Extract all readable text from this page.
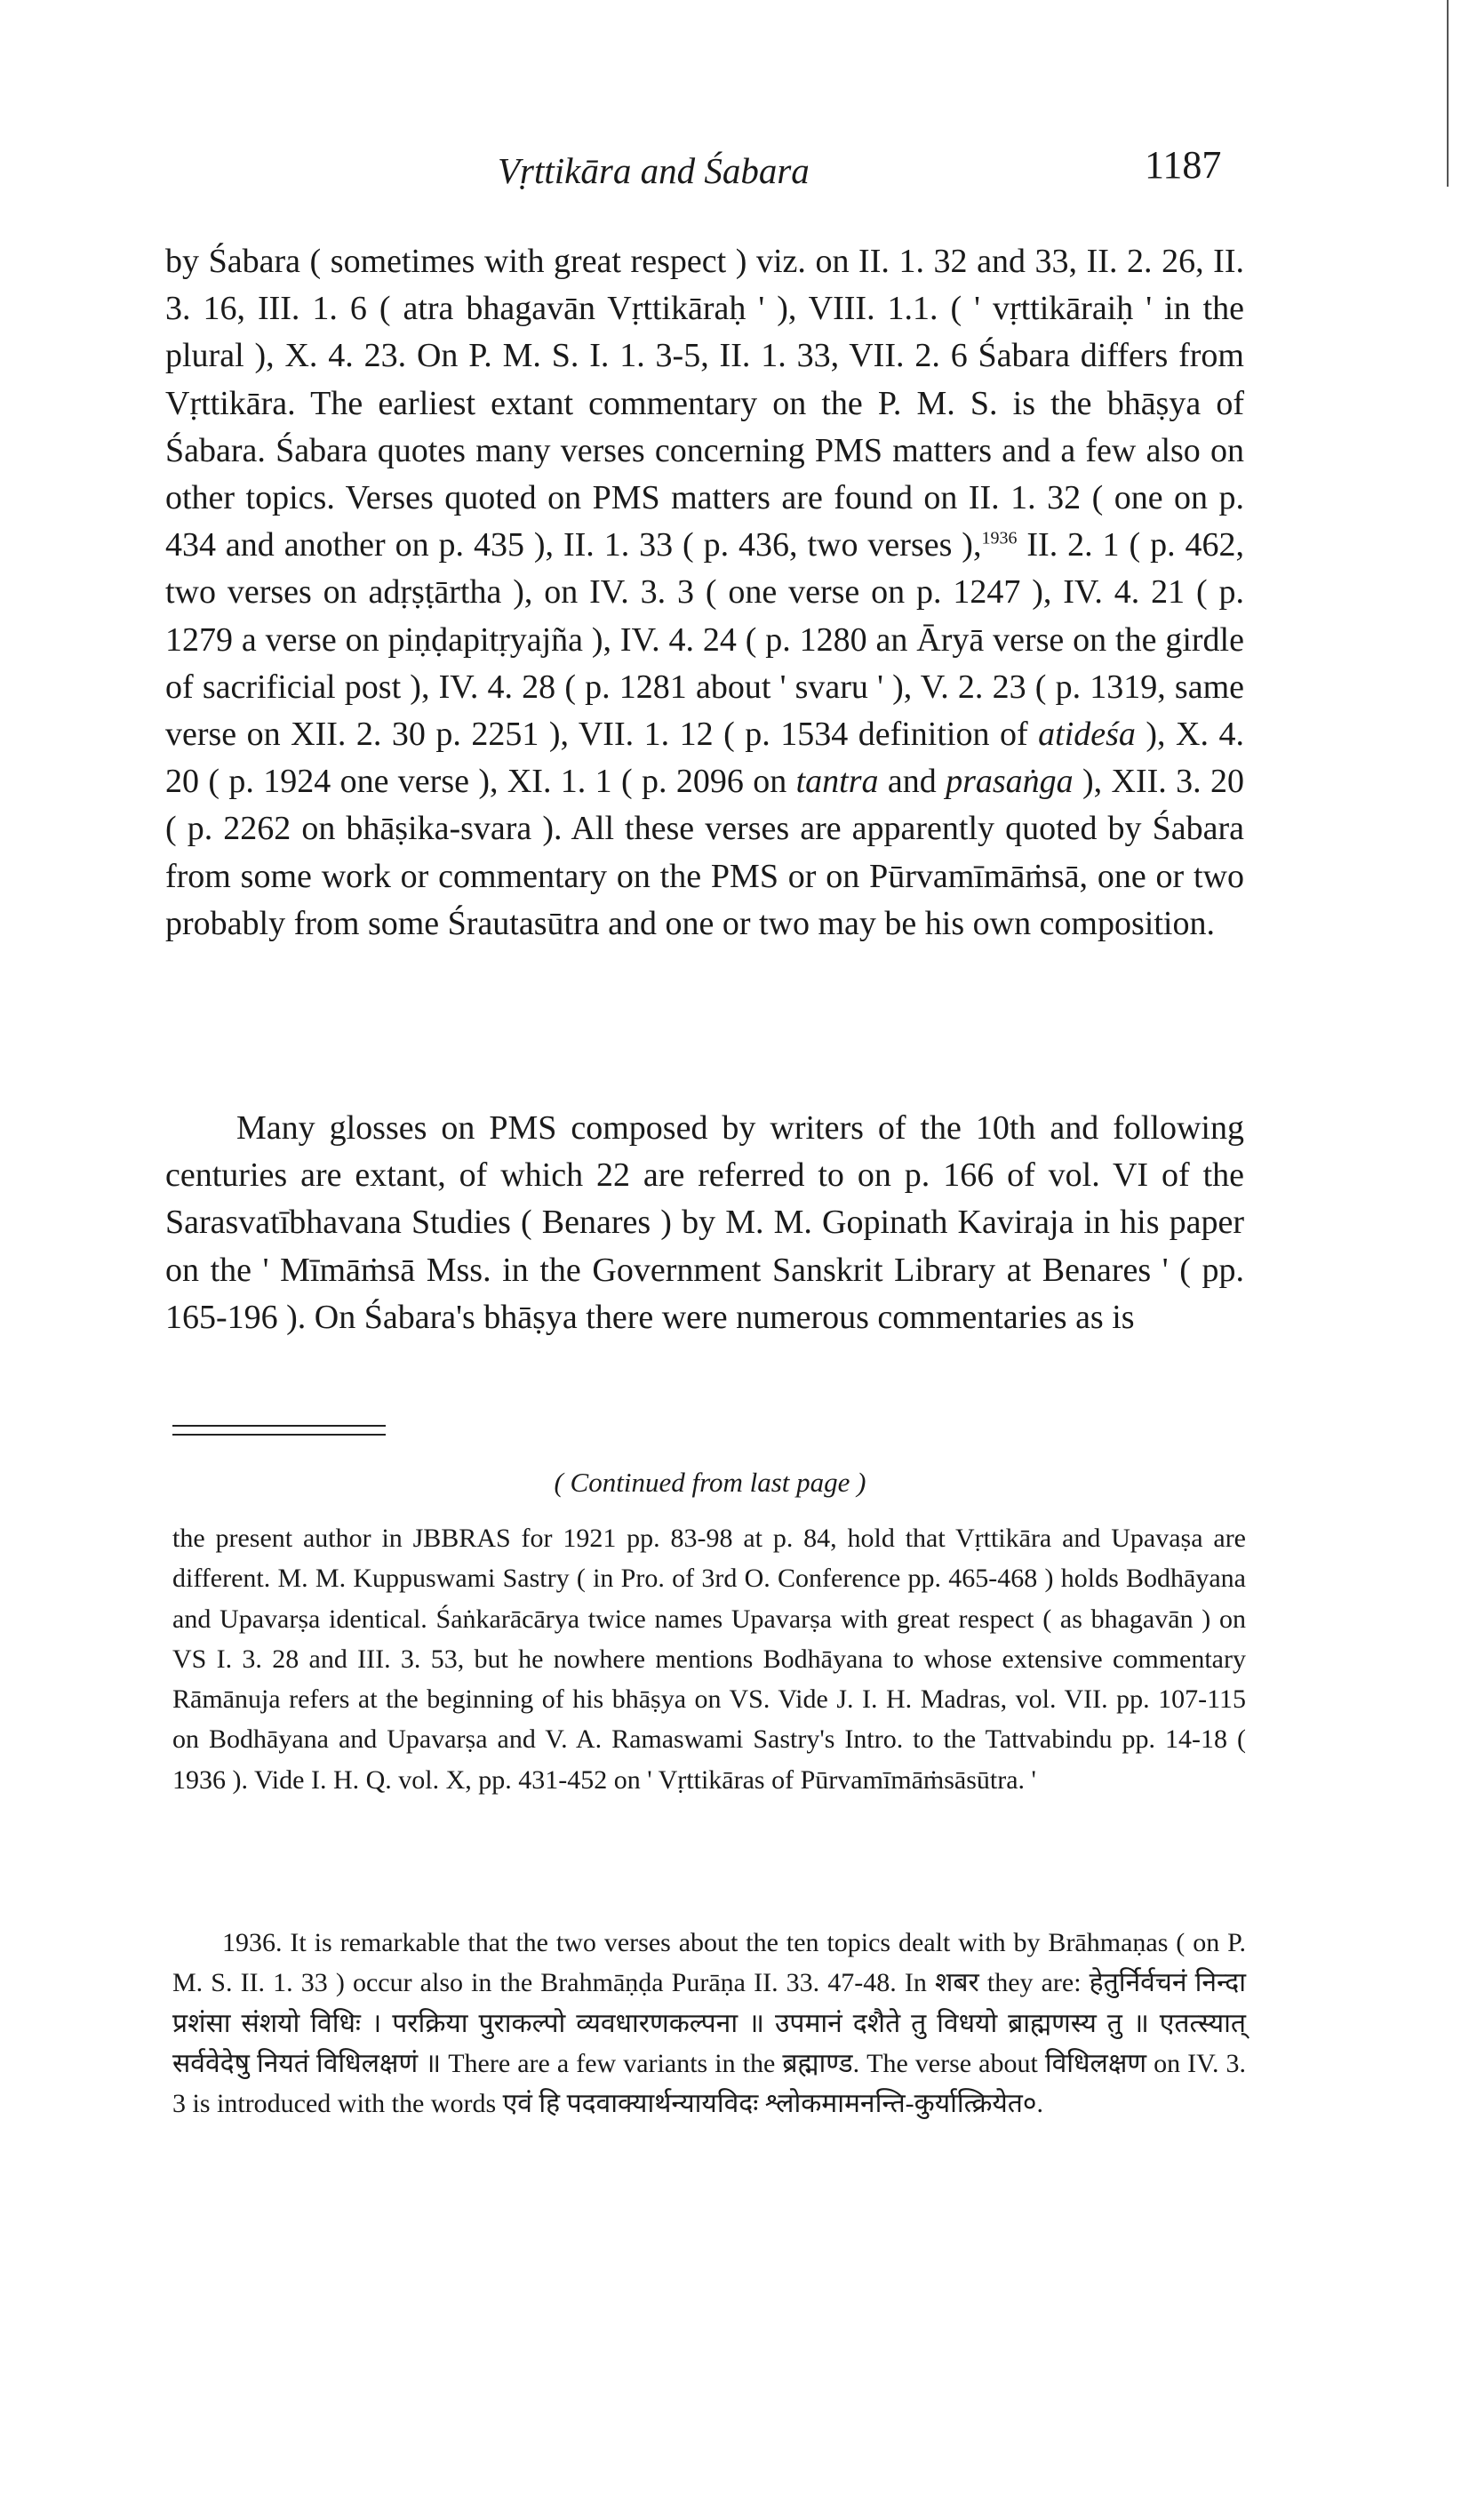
Vṛttikāra and Śabara	1187

by Śabara ( sometimes with great respect ) viz. on II. 1. 32 and 33, II. 2. 26, II. 3. 16, III. 1. 6 ( atra bhagavān Vṛttikāraḥ ' ), VIII. 1.1. ( ' vṛttikāraiḥ ' in the plural ), X. 4. 23. On P. M. S. I. 1. 3-5, II. 1. 33, VII. 2. 6 Śabara differs from Vṛttikāra. The earliest extant commentary on the P. M. S. is the bhāṣya of Śabara. Śabara quotes many verses concerning PMS matters and a few also on other topics. Verses quoted on PMS matters are found on II. 1. 32 ( one on p. 434 and another on p. 435 ), II. 1. 33 ( p. 436, two verses ),$^{1936}$ II. 2. 1 ( p. 462, two verses on adṛṣṭārtha ), on IV. 3. 3 ( one verse on p. 1247 ), IV. 4. 21 ( p. 1279 a verse on piṇḍapitṛyajña ), IV. 4. 24 ( p. 1280 an Āryā verse on the girdle of sacrificial post ), IV. 4. 28 ( p. 1281 about ' svaru ' ), V. 2. 23 ( p. 1319, same verse on XII. 2. 30 p. 2251 ), VII. 1. 12 ( p. 1534 definition of atideśa ), X. 4. 20 ( p. 1924 one verse ), XI. 1. 1 ( p. 2096 on tantra and prasaṅga ), XII. 3. 20 ( p. 2262 on bhāṣika-svara ). All these verses are apparently quoted by Śabara from some work or commentary on the PMS or on Pūrvamīmāṁsā, one or two probably from some Śrautasūtra and one or two may be his own composition.

Many glosses on PMS composed by writers of the 10th and following centuries are extant, of which 22 are referred to on p. 166 of vol. VI of the Sarasvatībhavana Studies ( Benares ) by M. M. Gopinath Kaviraja in his paper on the ' Mīmāṁsā Mss. in the Government Sanskrit Library at Benares ' ( pp. 165-196 ). On Śabara's bhāṣya there were numerous commentaries as is

( Continued from last page )

the present author in JBBRAS for 1921 pp. 83-98 at p. 84, hold that Vṛttikāra and Upavaṣa are different. M. M. Kuppuswami Sastry ( in Pro. of 3rd O. Conference pp. 465-468 ) holds Bodhāyana and Upavarṣa identical. Śaṅkarācārya twice names Upavarṣa with great respect ( as bhagavān ) on VS I. 3. 28 and III. 3. 53, but he nowhere mentions Bodhāyana to whose extensive commentary Rāmānuja refers at the beginning of his bhāṣya on VS. Vide J. I. H. Madras, vol. VII. pp. 107-115 on Bodhāyana and Upavarṣa and V. A. Ramaswami Sastry's Intro. to the Tattvabindu pp. 14-18 ( 1936 ). Vide I. H. Q. vol. X, pp. 431-452 on ' Vṛttikāras of Pūrvamīmāṁsāsūtra. '

1936. It is remarkable that the two verses about the ten topics dealt with by Brāhmaṇas ( on P. M. S. II. 1. 33 ) occur also in the Brahmāṇḍa Purāṇa II. 33. 47-48. In शबर they are: हेतुर्निर्वचनं निन्दा प्रशंसा संशयो विधिः । परक्रिया पुराकल्पो व्यवधारणकल्पना ॥ उपमानं दशैते तु विधयो ब्राह्मणस्य तु ॥ एतत्स्यात् सर्ववेदेषु नियतं विधिलक्षणं ॥ There are a few variants in the ब्रह्माण्ड. The verse about विधिलक्षण on IV. 3. 3 is introduced with the words एवं हि पदवाक्यार्थन्यायविदः श्लोकमामनन्ति-कुर्यात्क्रियेत०.
